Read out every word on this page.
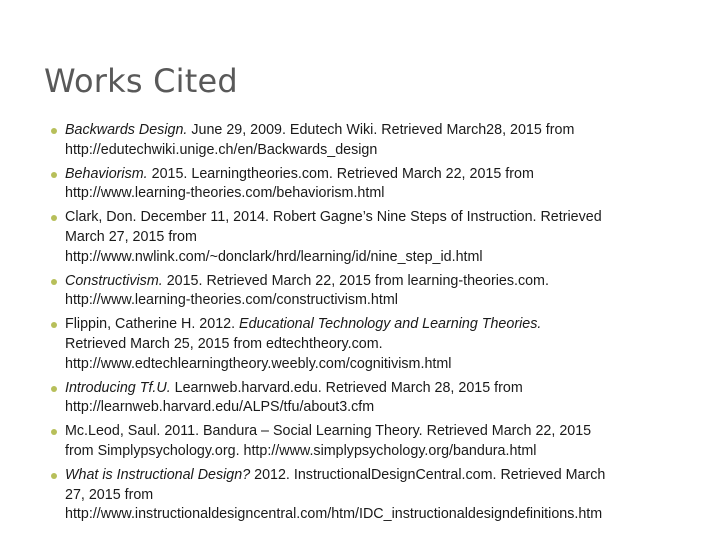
Works Cited
Backwards Design. June 29, 2009. Edutech Wiki. Retrieved March28, 2015 from
http://edutechwiki.unige.ch/en/Backwards_design
Behaviorism. 2015. Learningtheories.com. Retrieved March 22, 2015 from
http://www.learning-theories.com/behaviorism.html
Clark, Don. December 11, 2014. Robert Gagne’s Nine Steps of Instruction. Retrieved
March 27, 2015 from
http://www.nwlink.com/~donclark/hrd/learning/id/nine_step_id.html
Constructivism. 2015. Retrieved March 22, 2015 from learning-theories.com.
http://www.learning-theories.com/constructivism.html
Flippin, Catherine H. 2012. Educational Technology and Learning Theories.
Retrieved March 25, 2015 from edtechtheory.com.
http://www.edtechlearningtheory.weebly.com/cognitivism.html
Introducing Tf.U. Learnweb.harvard.edu. Retrieved March 28, 2015 from
http://learnweb.harvard.edu/ALPS/tfu/about3.cfm
Mc.Leod, Saul. 2011. Bandura – Social Learning Theory. Retrieved March 22, 2015
from Simplypsychology.org. http://www.simplypsychology.org/bandura.html
What is Instructional Design? 2012. InstructionalDesignCentral.com. Retrieved March
27, 2015 from
http://www.instructionaldesigncentral.com/htm/IDC_instructionaldesigndefinitions.htm
